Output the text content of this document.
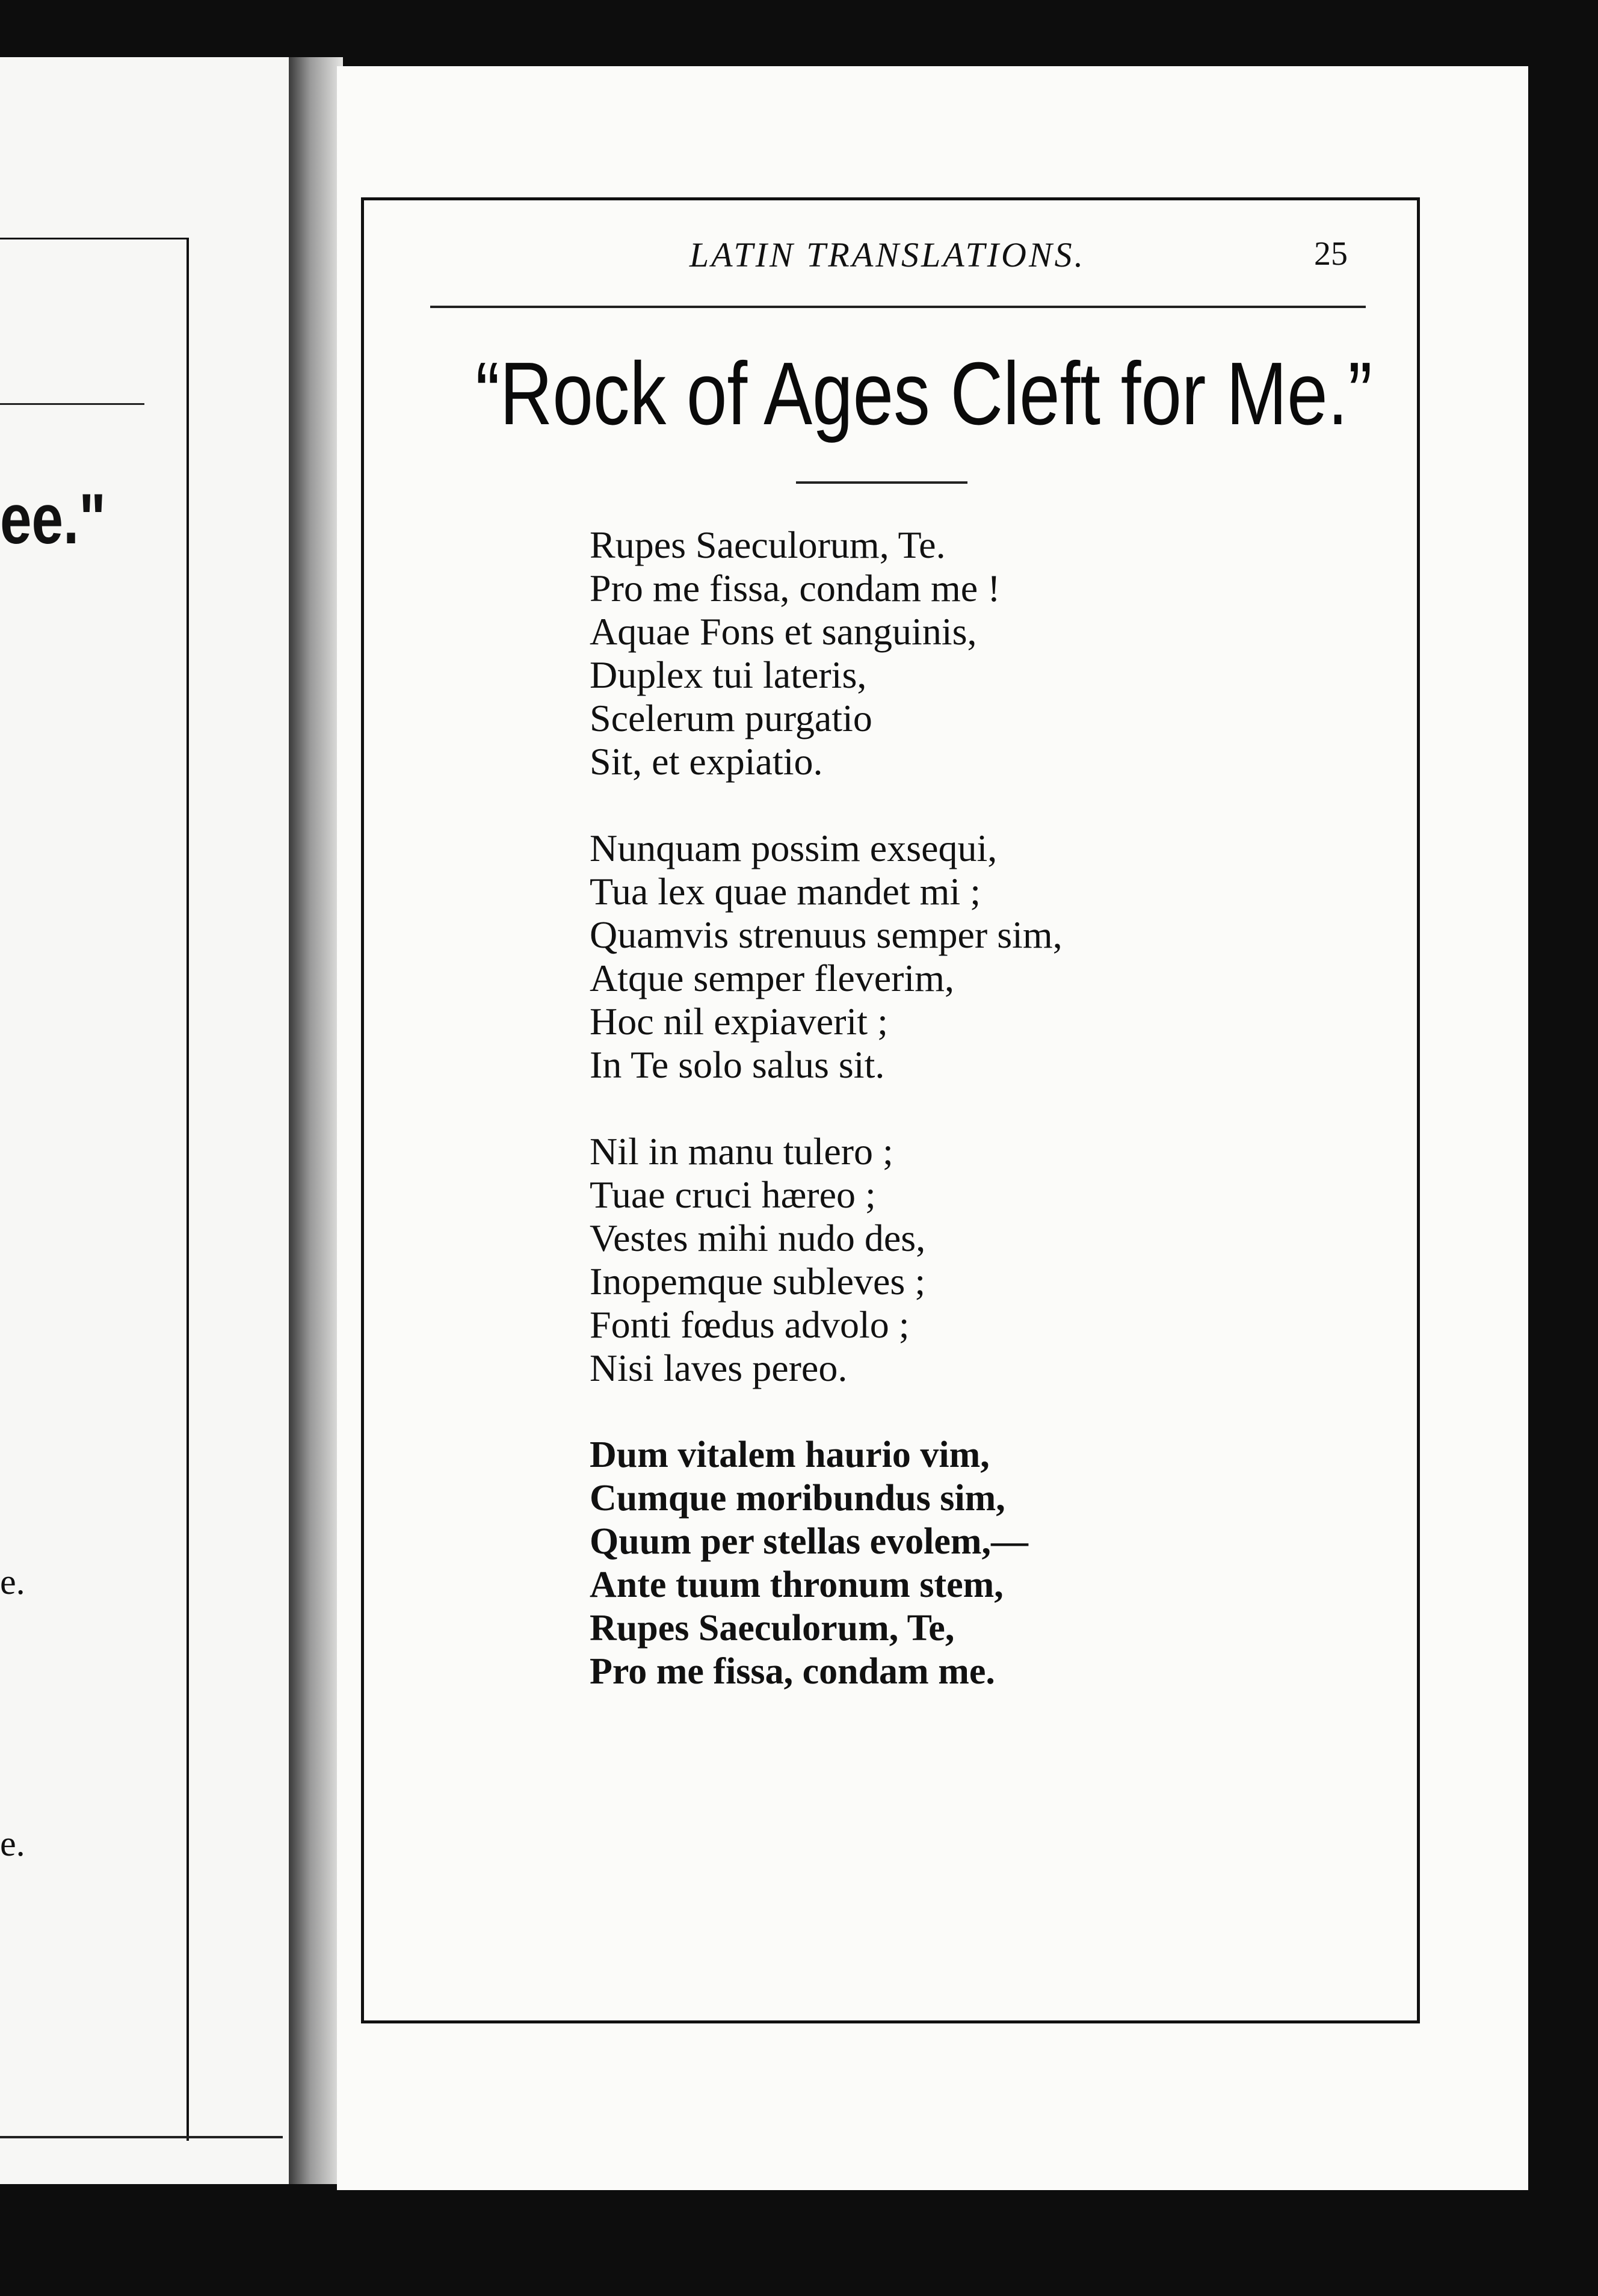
ee."
e.
e.
LATIN TRANSLATIONS.	25
“Rock of Ages Cleft for Me.”
Rupes Saeculorum, Te.
Pro me fissa, condam me !
Aquae Fons et sanguinis,
Duplex tui lateris,
Scelerum purgatio
Sit, et expiatio.
Nunquam possim exsequi,
Tua lex quae mandet mi ;
Quamvis strenuus semper sim,
Atque semper fleverim,
Hoc nil expiaverit ;
In Te solo salus sit.
Nil in manu tulero ;
Tuae cruci hæreo ;
Vestes mihi nudo des,
Inopemque subleves ;
Fonti fœdus advolo ;
Nisi laves pereo.
Dum vitalem haurio vim,
Cumque moribundus sim,
Quum per stellas evolem,—
Ante tuum thronum stem,
Rupes Saeculorum, Te,
Pro me fissa, condam me.
